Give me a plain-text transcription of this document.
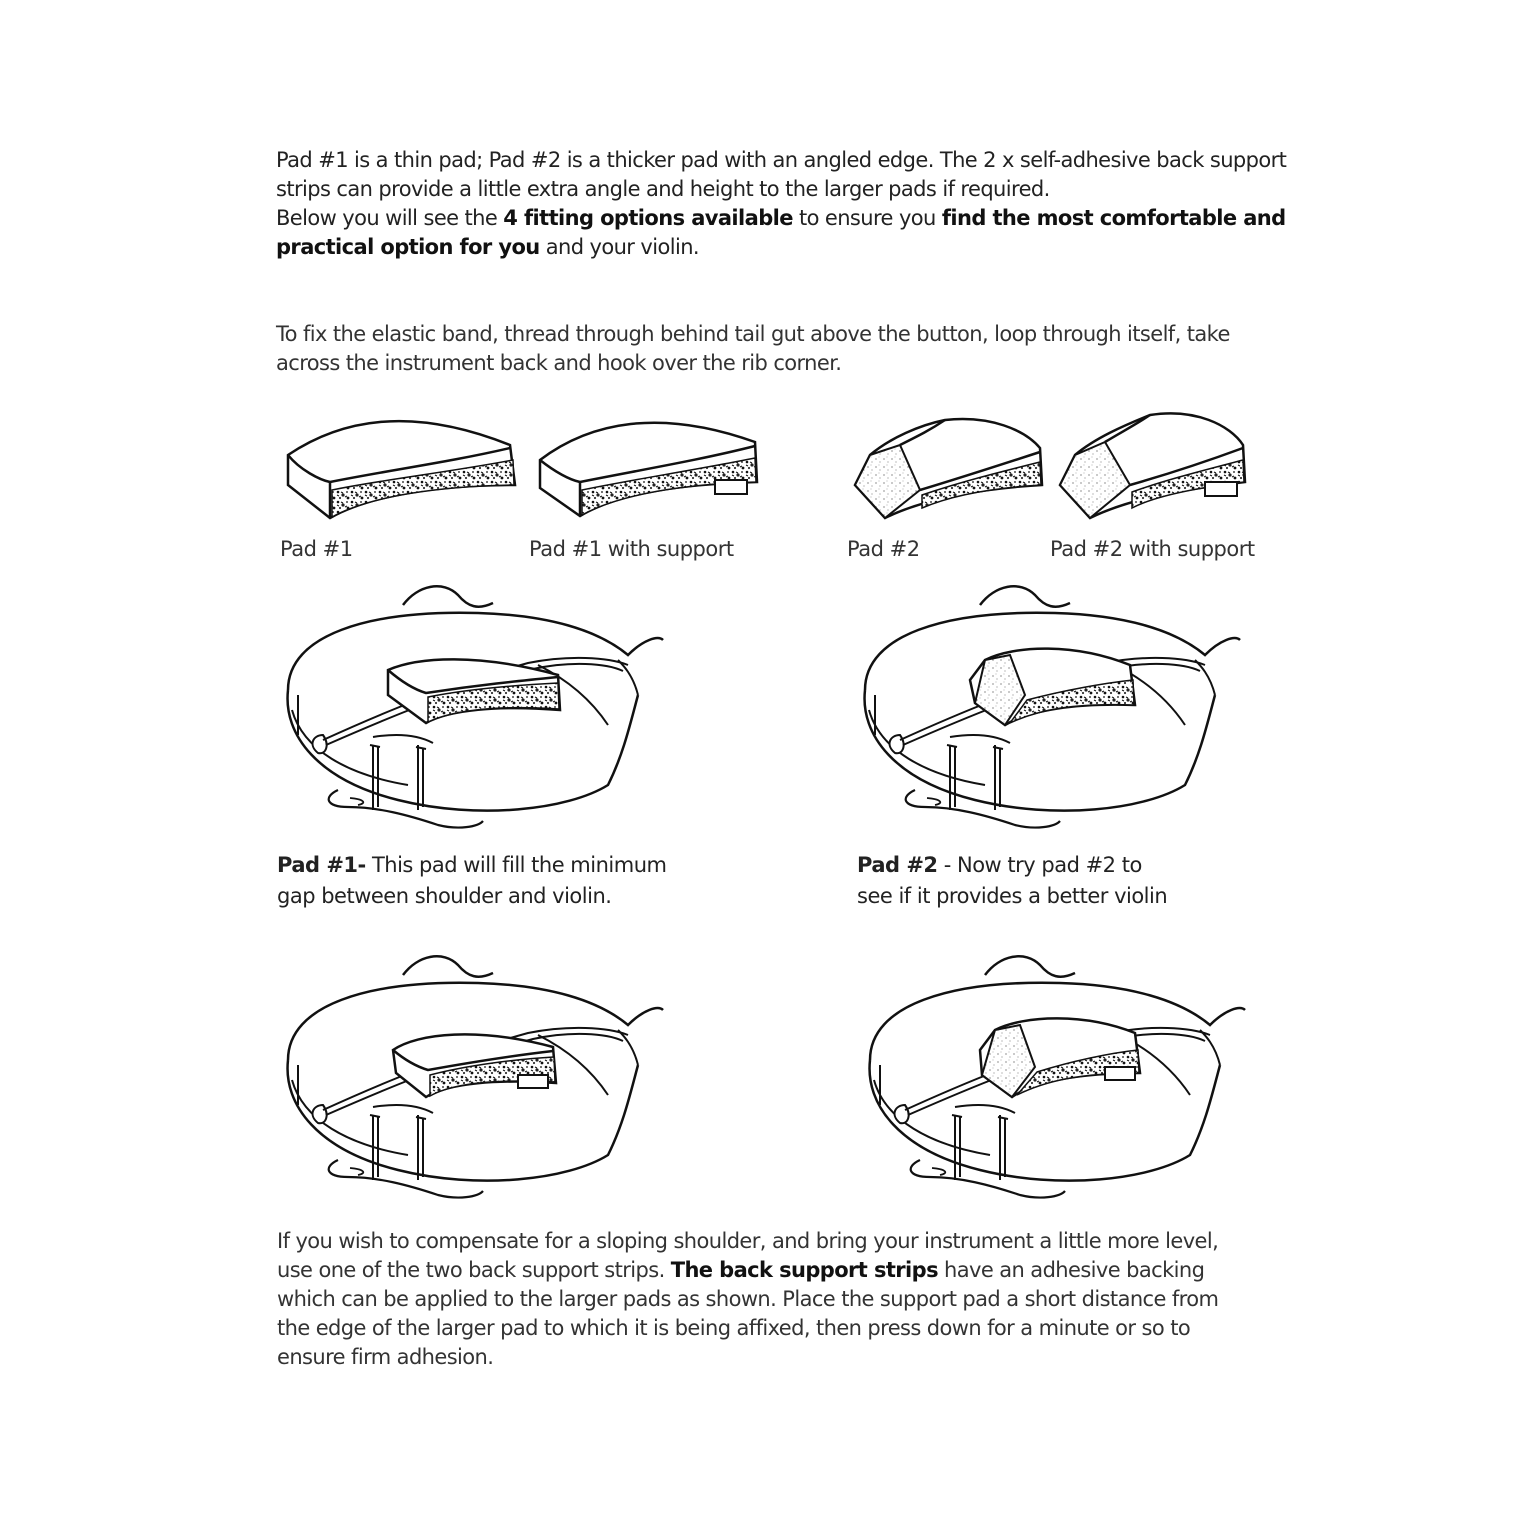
Pad #1 is a thin pad; Pad #2 is a thicker pad with an angled edge. The 2 x self-adhesive back support
strips can provide a little extra angle and height to the larger pads if required.
Below you will see the 4 fitting options available to ensure you find the most comfortable and
practical option for you and your violin.

To fix the elastic band, thread through behind tail gut above the button, loop through itself, take
across the instrument back and hook over the rib corner.

Pad #1	Pad #1 with support	Pad #2	Pad #2 with support
Pad #1- This pad will fill the minimum
gap between shoulder and violin.
Pad #2 - Now try pad #2 to
see if it provides a better violin

If you wish to compensate for a sloping shoulder, and bring your instrument a little more level,
use one of the two back support strips. The back support strips have an adhesive backing
which can be applied to the larger pads as shown. Place the support pad a short distance from
the edge of the larger pad to which it is being affixed, then press down for a minute or so to
ensure firm adhesion.
